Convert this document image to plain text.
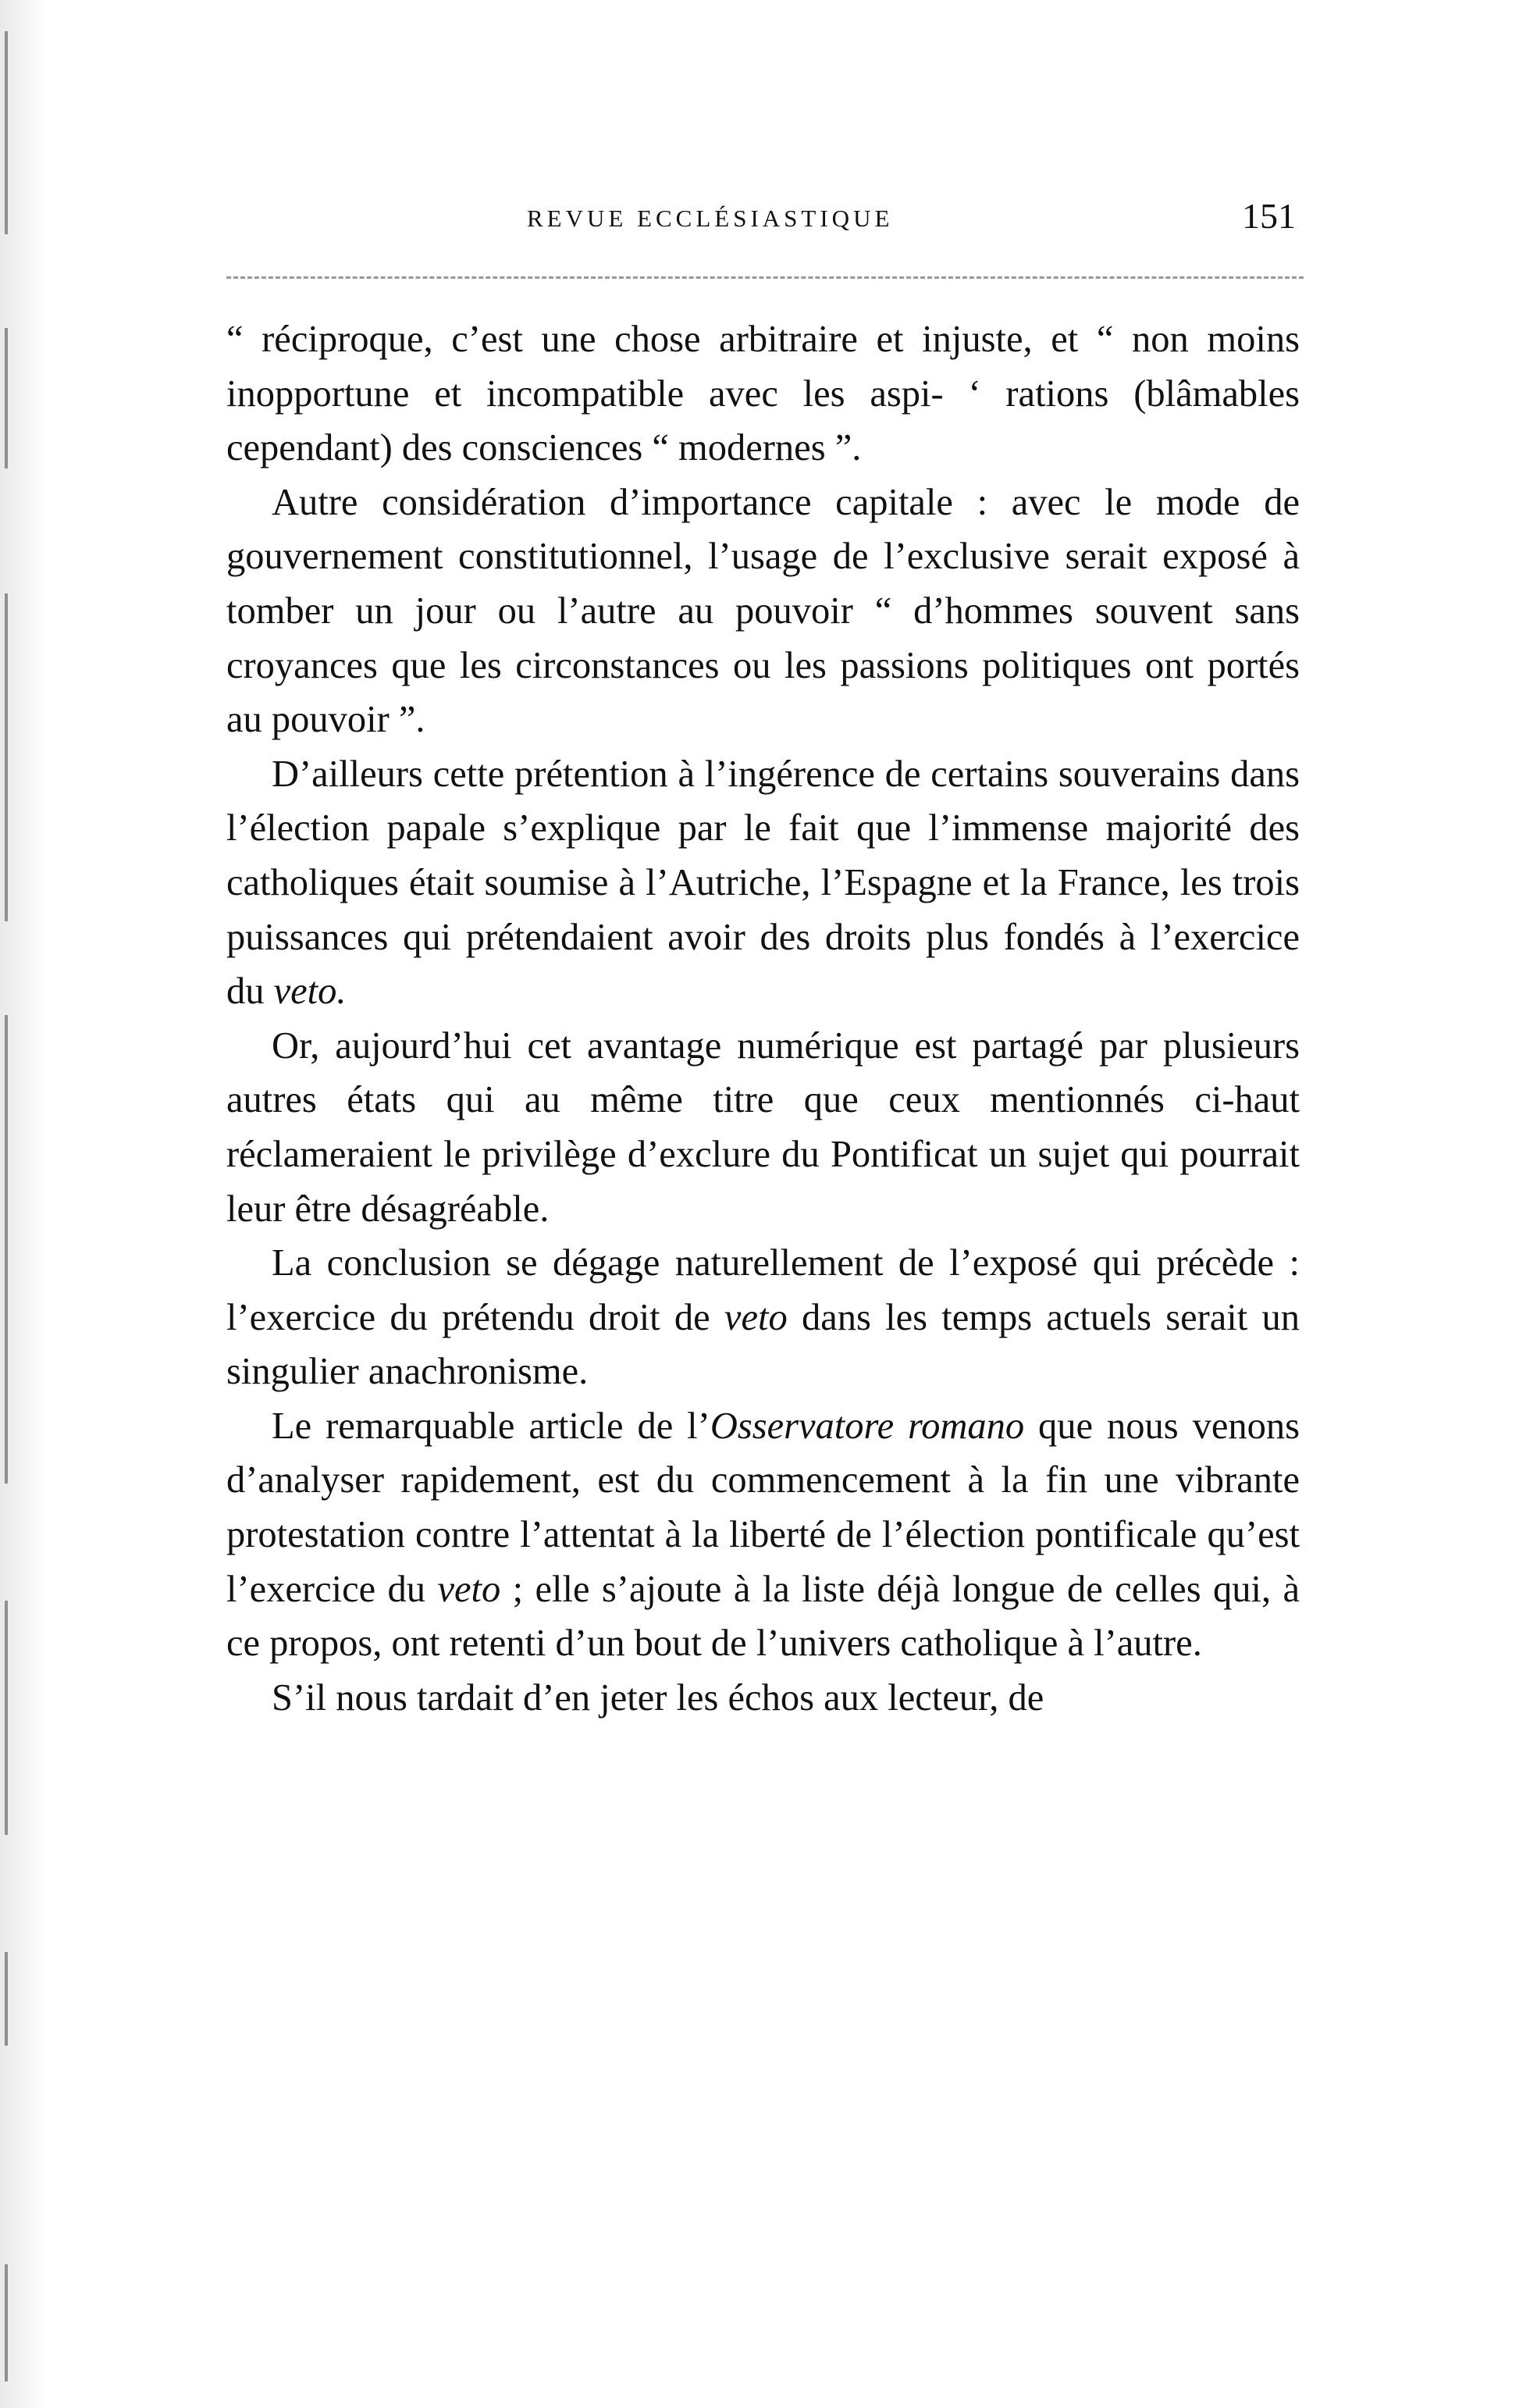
REVUE ECCLÉSIASTIQUE	151

“ réciproque, c’est une chose arbitraire et injuste, et “ non moins inopportune et incompatible avec les aspi- ‘ rations (blâmables cependant) des consciences “ modernes ”.

Autre considération d’importance capitale : avec le mode de gouvernement constitutionnel, l’usage de l’exclusive serait exposé à tomber un jour ou l’autre au pouvoir “ d’hommes souvent sans croyances que les circonstances ou les passions politiques ont portés au pouvoir ”.

D’ailleurs cette prétention à l’ingérence de certains souverains dans l’élection papale s’explique par le fait que l’immense majorité des catholiques était soumise à l’Autriche, l’Espagne et la France, les trois puissances qui prétendaient avoir des droits plus fondés à l’exercice du veto.

Or, aujourd’hui cet avantage numérique est partagé par plusieurs autres états qui au même titre que ceux mentionnés ci-haut réclameraient le privilège d’exclure du Pontificat un sujet qui pourrait leur être désagréable.

La conclusion se dégage naturellement de l’exposé qui précède : l’exercice du prétendu droit de veto dans les temps actuels serait un singulier anachronisme.

Le remarquable article de l’Osservatore romano que nous venons d’analyser rapidement, est du commencement à la fin une vibrante protestation contre l’attentat à la liberté de l’élection pontificale qu’est l’exercice du veto ; elle s’ajoute à la liste déjà longue de celles qui, à ce propos, ont retenti d’un bout de l’univers catholique à l’autre.

S’il nous tardait d’en jeter les échos aux lecteur, de
